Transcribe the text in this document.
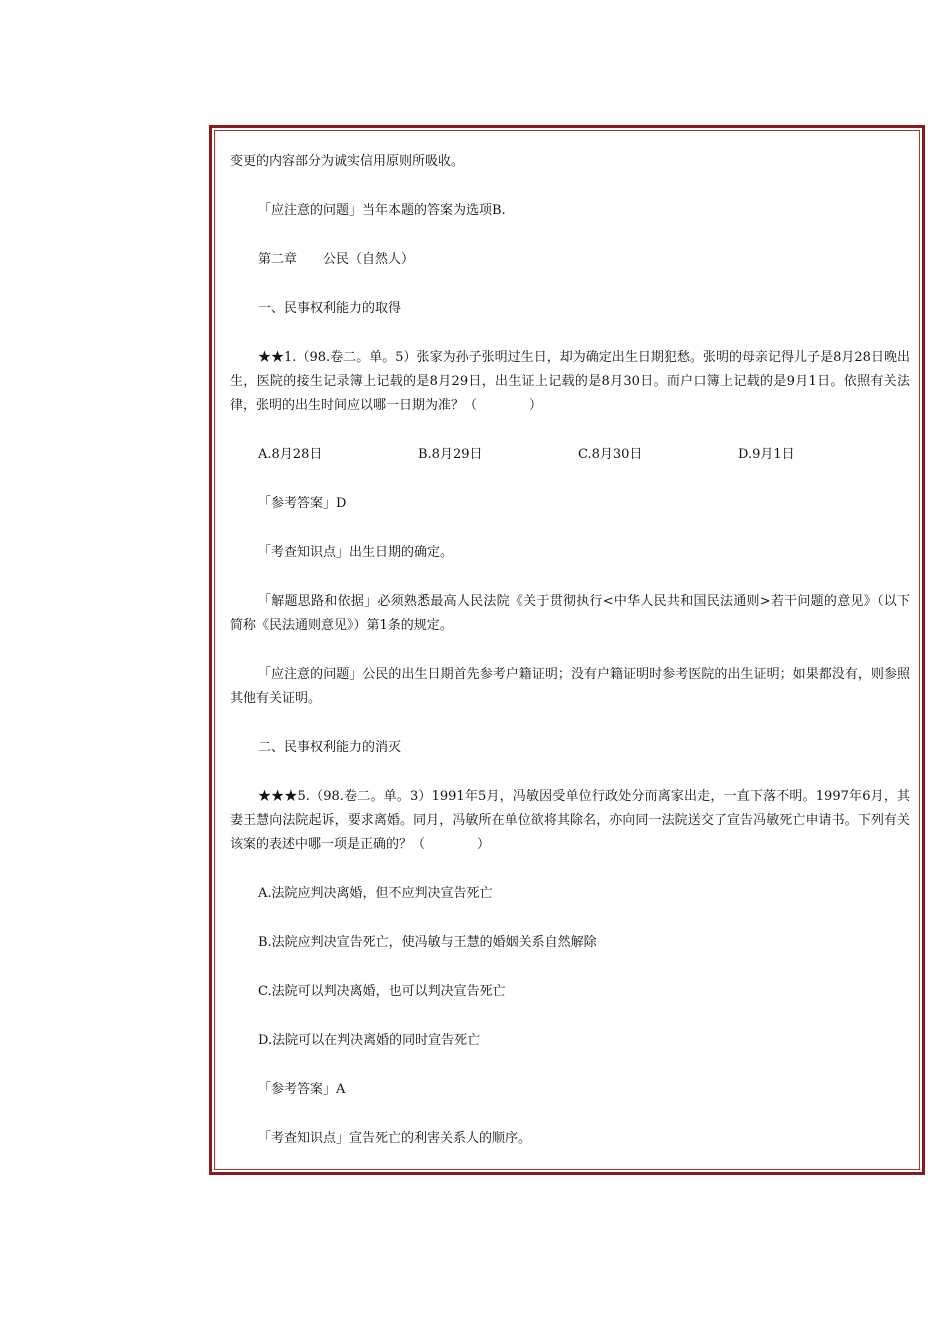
变更的内容部分为诚实信用原则所吸收。

「应注意的问题」当年本题的答案为选项B.

第二章　　公民（自然人）

一、民事权利能力的取得

★★1.（98.卷二。单。5）张家为孙子张明过生日，却为确定出生日期犯愁。张明的母亲记得儿子是8月28日晚出生，医院的接生记录簿上记载的是8月29日，出生证上记载的是8月30日。而户口簿上记载的是9月1日。依照有关法律，张明的出生时间应以哪一日期为准？（　　　　）

A.8月28日	B.8月29日	C.8月30日	D.9月1日

「参考答案」D

「考查知识点」出生日期的确定。

「解题思路和依据」必须熟悉最高人民法院《关于贯彻执行<中华人民共和国民法通则>若干问题的意见》（以下简称《民法通则意见》）第1条的规定。

「应注意的问题」公民的出生日期首先参考户籍证明；没有户籍证明时参考医院的出生证明；如果都没有，则参照其他有关证明。

二、民事权利能力的消灭

★★★5.（98.卷二。单。3）1991年5月，冯敏因受单位行政处分而离家出走，一直下落不明。1997年6月，其妻王慧向法院起诉，要求离婚。同月，冯敏所在单位欲将其除名，亦向同一法院送交了宣告冯敏死亡申请书。下列有关该案的表述中哪一项是正确的？（　　　　）

A.法院应判决离婚，但不应判决宣告死亡

B.法院应判决宣告死亡，使冯敏与王慧的婚姻关系自然解除

C.法院可以判决离婚，也可以判决宣告死亡

D.法院可以在判决离婚的同时宣告死亡

「参考答案」A

「考查知识点」宣告死亡的利害关系人的顺序。
